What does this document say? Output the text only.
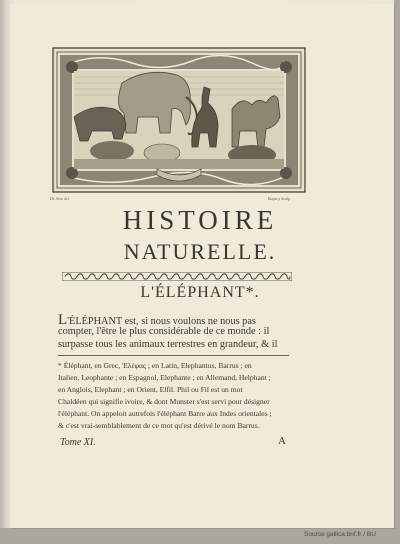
De Seve del.	Baquoy Sculp.
HISTOIRE
NATURELLE.
L'ÉLÉPHANT*.
L'ÉLÉPHANT est, si nous voulons ne nous pas
compter, l'être le plus considérable de ce monde : il
surpasse tous les animaux terrestres en grandeur, & il
* Éléphant, en Grec, Ἐλέφας ; en Latin, Elephantus, Barrus ; en
Italien, Leophante ; en Espagnol, Elephante ; en Allemand, Helphant ;
en Anglois, Elephant ; en Orient, Elfil. Phil ou Fil est un mot
Chaldéen qui signifie ivoire, & dont Munster s'est servi pour désigner
l'éléphant. On appeloit autrefois l'éléphant Barre aux Indes orientales ;
& c'est vrai-semblablement de ce mot qu'est dérivé le nom Barrus.
Tome XI.	A
Source gallica.bnf.fr / BU
